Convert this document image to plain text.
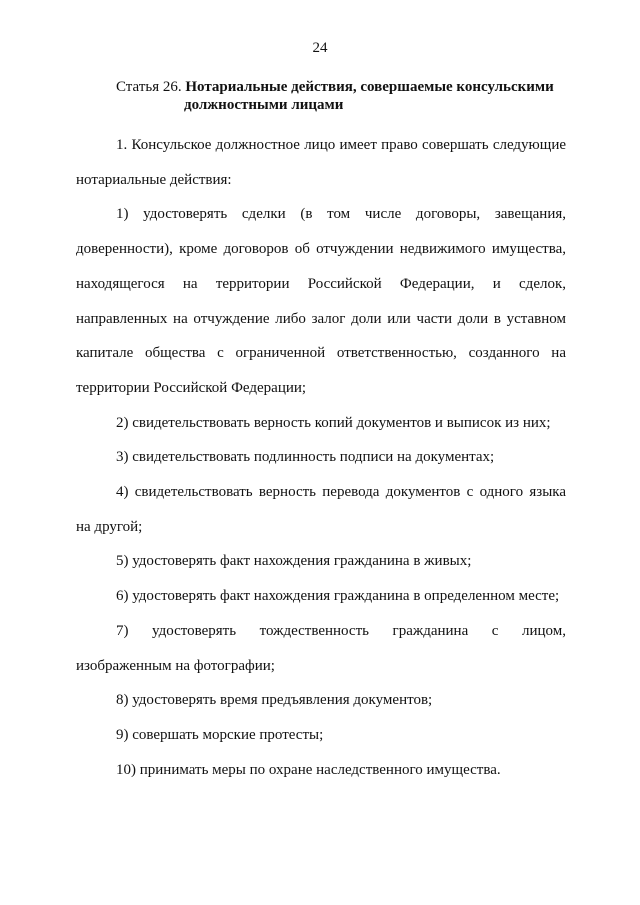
24
Статья 26. Нотариальные действия, совершаемые консульскими
должностными лицами

1. Консульское должностное лицо имеет право совершать следующие нотариальные действия:

1) удостоверять сделки (в том числе договоры, завещания, доверенности), кроме договоров об отчуждении недвижимого имущества, находящегося на территории Российской Федерации, и сделок, направленных на отчуждение либо залог доли или части доли в уставном капитале общества с ограниченной ответственностью, созданного на территории Российской Федерации;

2) свидетельствовать верность копий документов и выписок из них;

3) свидетельствовать подлинность подписи на документах;

4) свидетельствовать верность перевода документов с одного языка на другой;

5) удостоверять факт нахождения гражданина в живых;

6) удостоверять факт нахождения гражданина в определенном месте;

7) удостоверять тождественность гражданина с лицом, изображенным на фотографии;

8) удостоверять время предъявления документов;

9) совершать морские протесты;

10) принимать меры по охране наследственного имущества.
